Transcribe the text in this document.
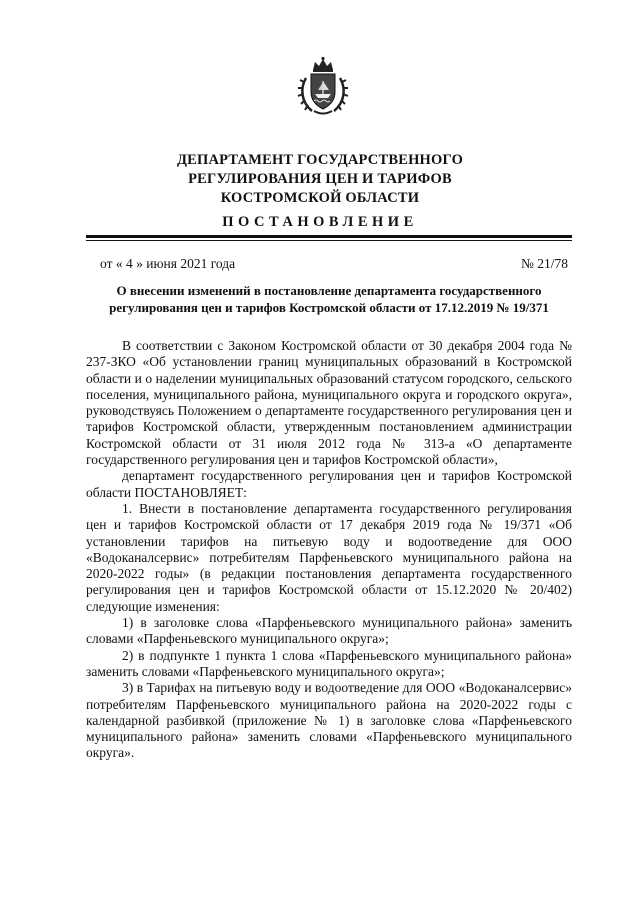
ДЕПАРТАМЕНТ ГОСУДАРСТВЕННОГО
РЕГУЛИРОВАНИЯ ЦЕН И ТАРИФОВ
КОСТРОМСКОЙ ОБЛАСТИ
ПОСТАНОВЛЕНИЕ
от « 4 » июня 2021 года	№ 21/78
О внесении изменений в постановление департамента государственного
регулирования цен и тарифов Костромской области от 17.12.2019 № 19/371

В соответствии с Законом Костромской области от 30 декабря 2004 года № 237-ЗКО «Об установлении границ муниципальных образований в Костромской области и о наделении муниципальных образований статусом городского, сельского поселения, муниципального района, муниципального округа и городского округа», руководствуясь Положением о департаменте государственного регулирования цен и тарифов Костромской области, утвержденным постановлением администрации Костромской области от 31 июля 2012 года № 313-а «О департаменте государственного регулирования цен и тарифов Костромской области»,

департамент государственного регулирования цен и тарифов Костромской области ПОСТАНОВЛЯЕТ:

1. Внести в постановление департамента государственного регулирования цен и тарифов Костромской области от 17 декабря 2019 года № 19/371 «Об установлении тарифов на питьевую воду и водоотведение для ООО «Водоканалсервис» потребителям Парфеньевского муниципального района на 2020-2022 годы» (в редакции постановления департамента государственного регулирования цен и тарифов Костромской области от 15.12.2020 № 20/402) следующие изменения:

1) в заголовке слова «Парфеньевского муниципального района» заменить словами «Парфеньевского муниципального округа»;

2) в подпункте 1 пункта 1 слова «Парфеньевского муниципального района» заменить словами «Парфеньевского муниципального округа»;

3) в Тарифах на питьевую воду и водоотведение для ООО «Водоканалсервис» потребителям Парфеньевского муниципального района на 2020-2022 годы с календарной разбивкой (приложение № 1) в заголовке слова «Парфеньевского муниципального района» заменить словами «Парфеньевского муниципального округа».
